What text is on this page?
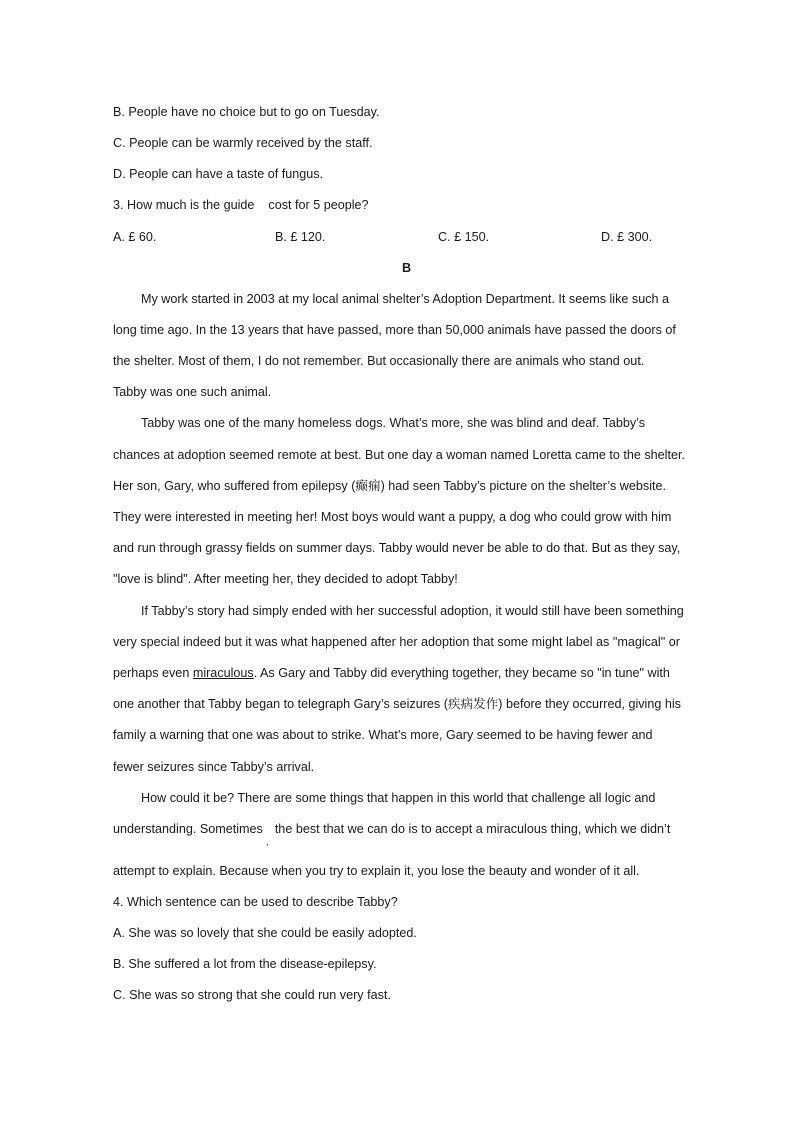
B. People have no choice but to go on Tuesday.
C. People can be warmly received by the staff.
D. People can have a taste of fungus.
3. How much is the guide cost for 5 people?
A. £ 60.	B. £ 120.	C. £ 150.	D. £ 300.
B
My work started in 2003 at my local animal shelter’s Adoption Department. It seems like such a
long time ago. In the 13 years that have passed, more than 50,000 animals have passed the doors of
the shelter. Most of them, I do not remember. But occasionally there are animals who stand out.
Tabby was one such animal.
Tabby was one of the many homeless dogs. What’s more, she was blind and deaf. Tabby’s
chances at adoption seemed remote at best. But one day a woman named Loretta came to the shelter.
Her son, Gary, who suffered from epilepsy (癫痫) had seen Tabby’s picture on the shelter’s website.
They were interested in meeting her! Most boys would want a puppy, a dog who could grow with him
and run through grassy fields on summer days. Tabby would never be able to do that. But as they say,
"love is blind". After meeting her, they decided to adopt Tabby!
If Tabby’s story had simply ended with her successful adoption, it would still have been something
very special indeed but it was what happened after her adoption that some might label as "magical" or
perhaps even miraculous. As Gary and Tabby did everything together, they became so "in tune" with
one another that Tabby began to telegraph Gary’s seizures (疾病发作) before they occurred, giving his
family a warning that one was about to strike. What’s more, Gary seemed to be having fewer and
fewer seizures since Tabby’s arrival.
How could it be? There are some things that happen in this world that challenge all logic and
understanding. Sometimes the best that we can do is to accept a miraculous thing, which we didn’t
,
attempt to explain. Because when you try to explain it, you lose the beauty and wonder of it all.
4. Which sentence can be used to describe Tabby?
A. She was so lovely that she could be easily adopted.
B. She suffered a lot from the disease-epilepsy.
C. She was so strong that she could run very fast.
